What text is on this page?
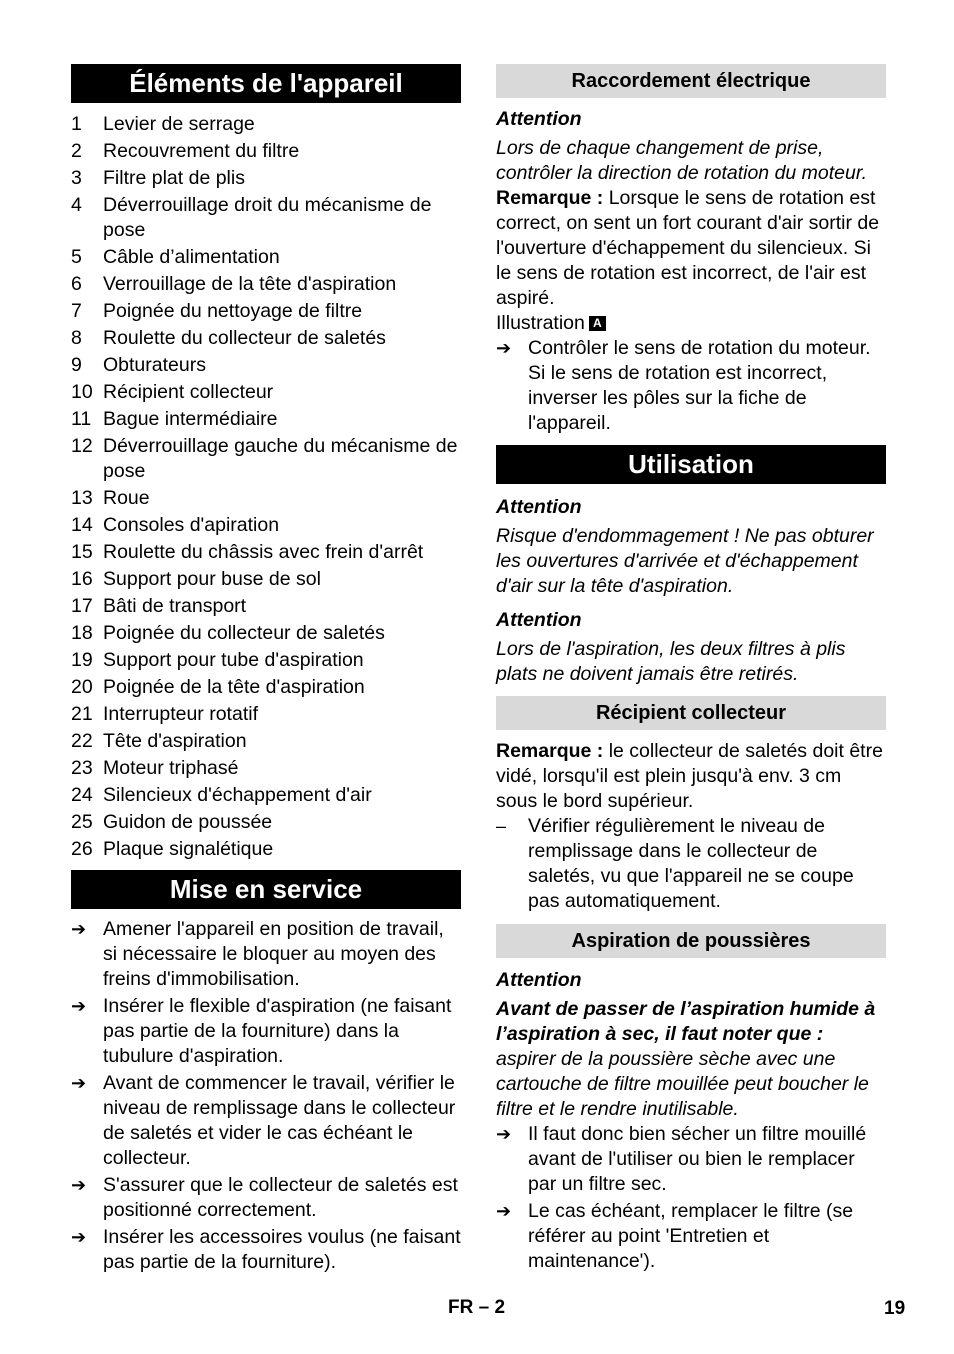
Éléments de l'appareil
1	Levier de serrage
2	Recouvrement du filtre
3	Filtre plat de plis
4	Déverrouillage droit du mécanisme de pose
5	Câble d’alimentation
6	Verrouillage de la tête d'aspiration
7	Poignée du nettoyage de filtre
8	Roulette du collecteur de saletés
9	Obturateurs
10 Récipient collecteur
11 Bague intermédiaire
12 Déverrouillage gauche du mécanisme de pose
13 Roue
14 Consoles d'apiration
15 Roulette du châssis avec frein d'arrêt
16 Support pour buse de sol
17 Bâti de transport
18 Poignée du collecteur de saletés
19 Support pour tube d'aspiration
20 Poignée de la tête d'aspiration
21 Interrupteur rotatif
22 Tête d'aspiration
23 Moteur triphasé
24 Silencieux d'échappement d'air
25 Guidon de poussée
26 Plaque signalétique
Mise en service
➔ Amener l'appareil en position de travail, si nécessaire le bloquer au moyen des freins d'immobilisation.
➔ Insérer le flexible d'aspiration (ne faisant pas partie de la fourniture) dans la tubulure d'aspiration.
➔ Avant de commencer le travail, vérifier le niveau de remplissage dans le collecteur de saletés et vider le cas échéant le collecteur.
➔ S'assurer que le collecteur de saletés est positionné correctement.
➔ Insérer les accessoires voulus (ne faisant pas partie de la fourniture).
Raccordement électrique

Attention

Lors de chaque changement de prise, contrôler la direction de rotation du moteur.

Remarque : Lorsque le sens de rotation est correct, on sent un fort courant d'air sortir de l'ouverture d'échappement du silencieux. Si le sens de rotation est incorrect, de l'air est aspiré.

Illustration A

➔ Contrôler le sens de rotation du moteur. Si le sens de rotation est incorrect, inverser les pôles sur la fiche de l'appareil.
Utilisation

Attention

Risque d'endommagement ! Ne pas obturer les ouvertures d'arrivée et d'échappement d'air sur la tête d'aspiration.

Attention

Lors de l'aspiration, les deux filtres à plis plats ne doivent jamais être retirés.

Récipient collecteur

Remarque : le collecteur de saletés doit être vidé, lorsqu'il est plein jusqu'à env. 3 cm sous le bord supérieur.

–	Vérifier régulièrement le niveau de remplissage dans le collecteur de saletés, vu que l'appareil ne se coupe pas automatiquement.
Aspiration de poussières

Attention

Avant de passer de l’aspiration humide à l’aspiration à sec, il faut noter que :

aspirer de la poussière sèche avec une cartouche de filtre mouillée peut boucher le filtre et le rendre inutilisable.

➔ Il faut donc bien sécher un filtre mouillé avant de l'utiliser ou bien le remplacer par un filtre sec.
➔ Le cas échéant, remplacer le filtre (se référer au point 'Entretien et maintenance').
FR – 2	19
